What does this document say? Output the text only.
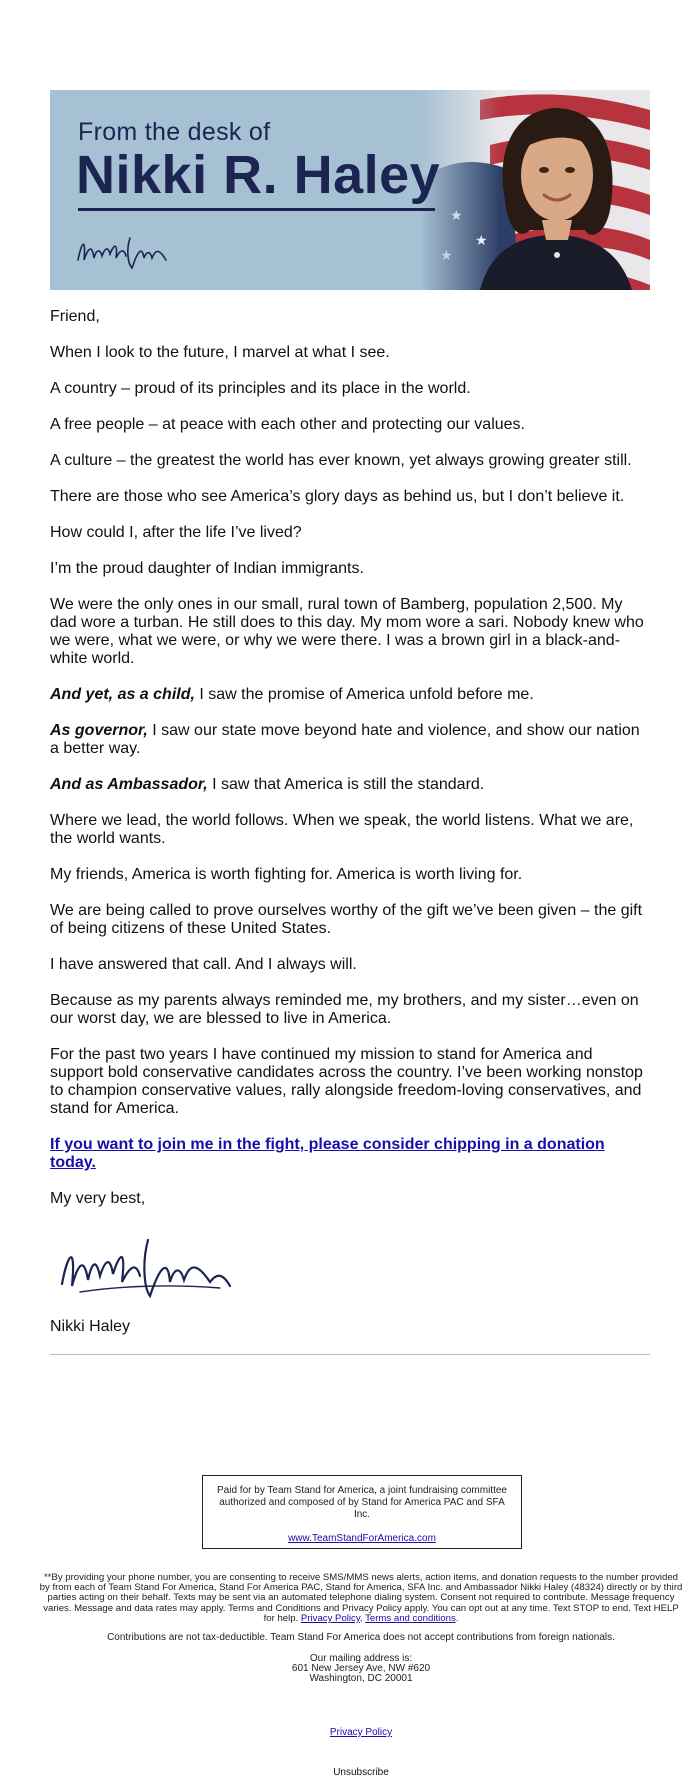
From the desk of
Nikki R. Haley

Friend,

When I look to the future, I marvel at what I see.

A country – proud of its principles and its place in the world.

A free people – at peace with each other and protecting our values.

A culture – the greatest the world has ever known, yet always growing greater still.

There are those who see America’s glory days as behind us, but I don’t believe it.

How could I, after the life I’ve lived?

I’m the proud daughter of Indian immigrants.

We were the only ones in our small, rural town of Bamberg, population 2,500. My dad wore a turban. He still does to this day. My mom wore a sari. Nobody knew who we were, what we were, or why we were there. I was a brown girl in a black-and-white world.

And yet, as a child, I saw the promise of America unfold before me.

As governor, I saw our state move beyond hate and violence, and show our nation a better way.

And as Ambassador, I saw that America is still the standard.

Where we lead, the world follows. When we speak, the world listens. What we are, the world wants.

My friends, America is worth fighting for. America is worth living for.

We are being called to prove ourselves worthy of the gift we’ve been given – the gift of being citizens of these United States.

I have answered that call. And I always will.

Because as my parents always reminded me, my brothers, and my sister…even on our worst day, we are blessed to live in America.

For the past two years I have continued my mission to stand for America and support bold conservative candidates across the country. I’ve been working nonstop to champion conservative values, rally alongside freedom-loving conservatives, and stand for America.

If you want to join me in the fight, please consider chipping in a donation today.

My very best,

Nikki Haley

Paid for by Team Stand for America, a joint fundraising committee authorized and composed of by Stand for America PAC and SFA Inc.
www.TeamStandForAmerica.com
**By providing your phone number, you are consenting to receive SMS/MMS news alerts, action items, and donation requests to the number provided by from each of Team Stand For America, Stand For America PAC, Stand for America, SFA Inc. and Ambassador Nikki Haley (48324) directly or by third parties acting on their behalf. Texts may be sent via an automated telephone dialing system. Consent not required to contribute. Message frequency varies. Message and data rates may apply. Terms and Conditions and Privacy Policy apply. You can opt out at any time. Text STOP to end. Text HELP for help. Privacy Policy, Terms and conditions.
Contributions are not tax-deductible. Team Stand For America does not accept contributions from foreign nationals.
Our mailing address is:
601 New Jersey Ave, NW #620
Washington, DC 20001
Privacy Policy
Unsubscribe
